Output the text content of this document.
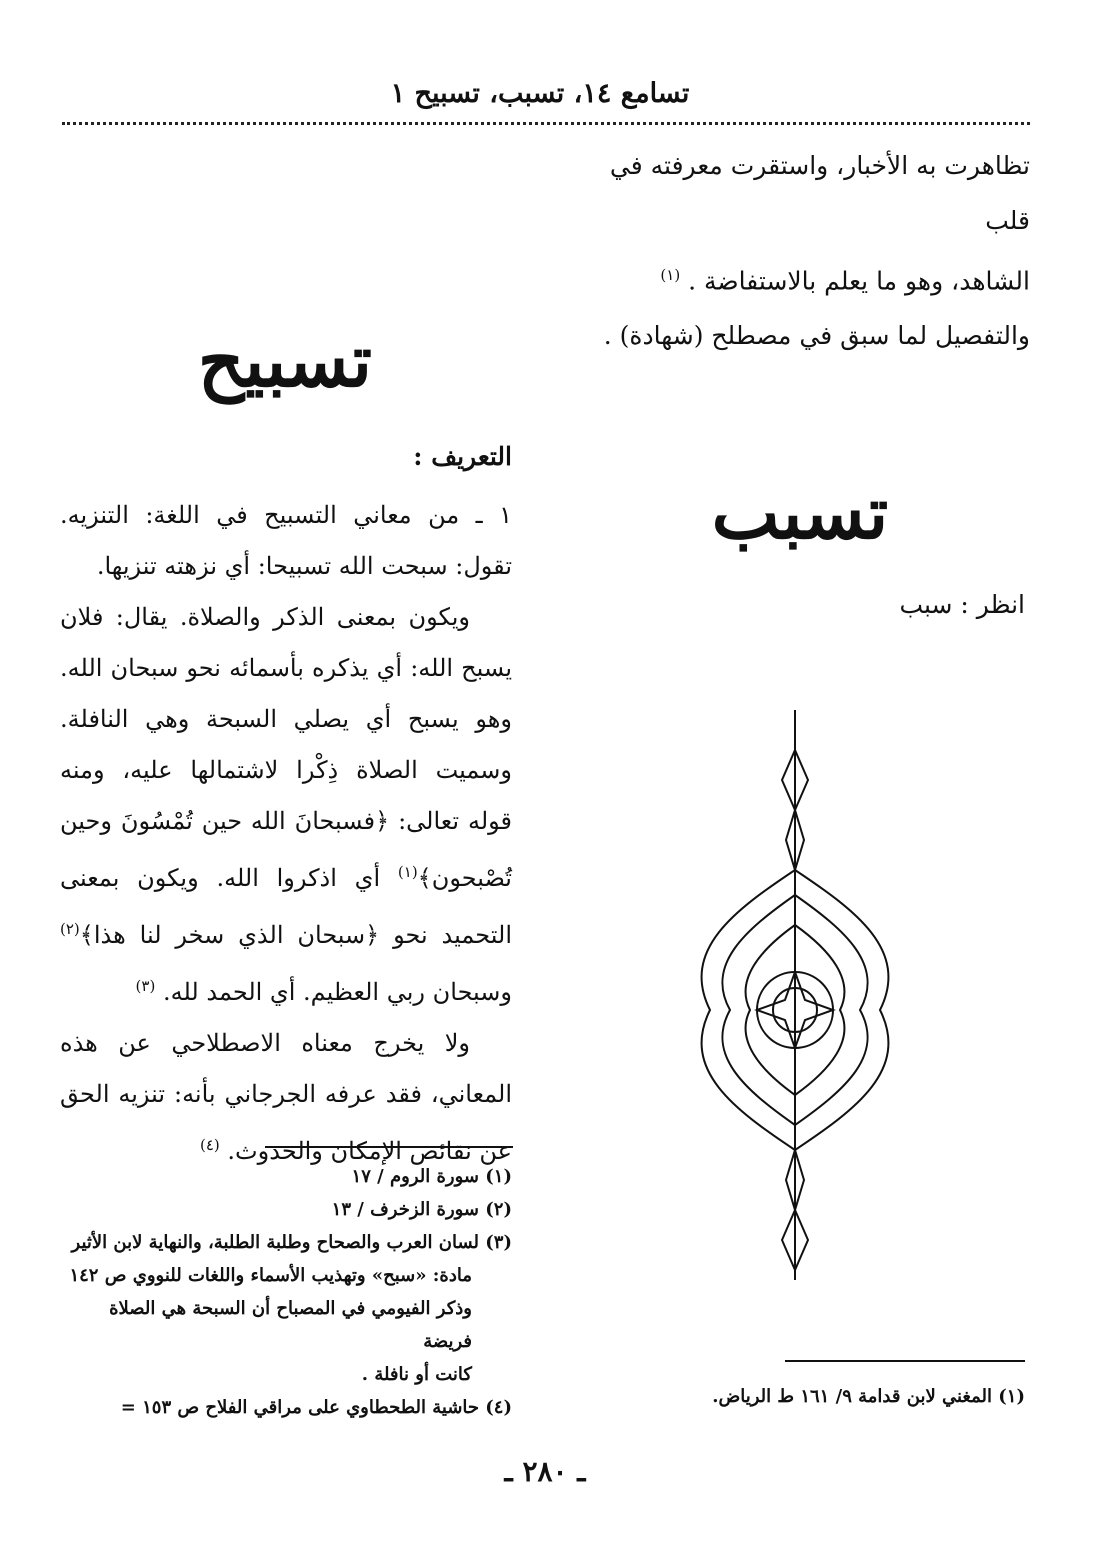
تسامع ١٤، تسبب، تسبيح ١
تظاهرت به الأخبار، واستقرت معرفته في قلب
الشاهد، وهو ما يعلم بالاستفاضة . $^{(١)}$
والتفصيل لما سبق في مصطلح (شهادة) .
تسبيح
تسبب
انظر : سبب
التعريف :

١ ـ من معاني التسبيح في اللغة: التنزيه. تقول: سبحت الله تسبيحا: أي نزهته تنزيها.

ويكون بمعنى الذكر والصلاة. يقال: فلان يسبح الله: أي يذكره بأسمائه نحو سبحان الله. وهو يسبح أي يصلي السبحة وهي النافلة. وسميت الصلاة ذِكْرا لاشتمالها عليه، ومنه قوله تعالى: ﴿فسبحانَ الله حين تُمْسُونَ وحين تُصْبحون﴾$^{(١)}$ أي اذكروا الله. ويكون بمعنى التحميد نحو ﴿سبحان الذي سخر لنا هذا﴾$^{(٢)}$ وسبحان ربي العظيم. أي الحمد لله. $^{(٣)}$

ولا يخرج معناه الاصطلاحي عن هذه المعاني، فقد عرفه الجرجاني بأنه: تنزيه الحق عن نقائص الإمكان والحدوث. $^{(٤)}$

(١) سورة الروم / ١٧
(٢) سورة الزخرف / ١٣
(٣) لسان العرب والصحاح وطلبة الطلبة، والنهاية لابن الأثير
مادة: «سبح» وتهذيب الأسماء واللغات للنووي ص ١٤٢
وذكر الفيومي في المصباح أن السبحة هي الصلاة فريضة
كانت أو نافلة .
(٤) حاشية الطحطاوي على مراقي الفلاح ص ١٥٣ =
(١) المغني لابن قدامة ٩/ ١٦١ ط الرياض.
ـ ٢٨٠ ـ
